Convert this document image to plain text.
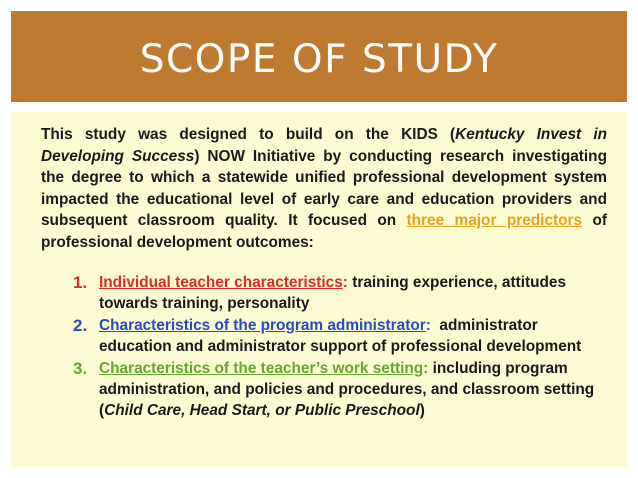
SCOPE OF STUDY

This study was designed to build on the KIDS (Kentucky Invest in Developing Success) NOW Initiative by conducting research investigating the degree to which a statewide unified professional development system impacted the educational level of early care and education providers and subsequent classroom quality. It focused on three major predictors of professional development outcomes:

1. Individual teacher characteristics: training experience, attitudes towards training, personality
2. Characteristics of the program administrator:  administrator education and administrator support of professional development
3. Characteristics of the teacher’s work setting: including program administration, and policies and procedures, and classroom setting (Child Care, Head Start, or Public Preschool)
